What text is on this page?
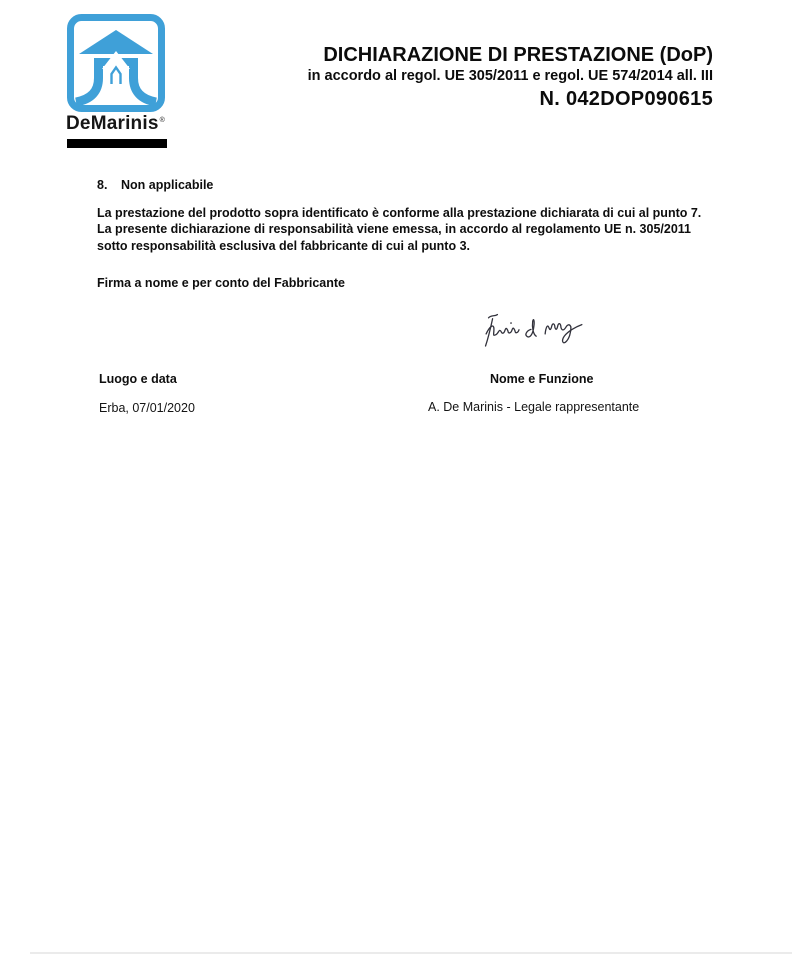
DeMarinis®
DICHIARAZIONE DI PRESTAZIONE (DoP)
in accordo al regol. UE 305/2011 e regol. UE 574/2014 all. III
N. 042DOP090615
8. Non applicabile
La prestazione del prodotto sopra identificato è conforme alla prestazione dichiarata di cui al punto 7.
La presente dichiarazione di responsabilità viene emessa, in accordo al regolamento UE n. 305/2011
sotto responsabilità esclusiva del fabbricante di cui al punto 3.
Firma a nome e per conto del Fabbricante
Luogo e data	Nome e Funzione
Erba, 07/01/2020	A. De Marinis - Legale rappresentante
